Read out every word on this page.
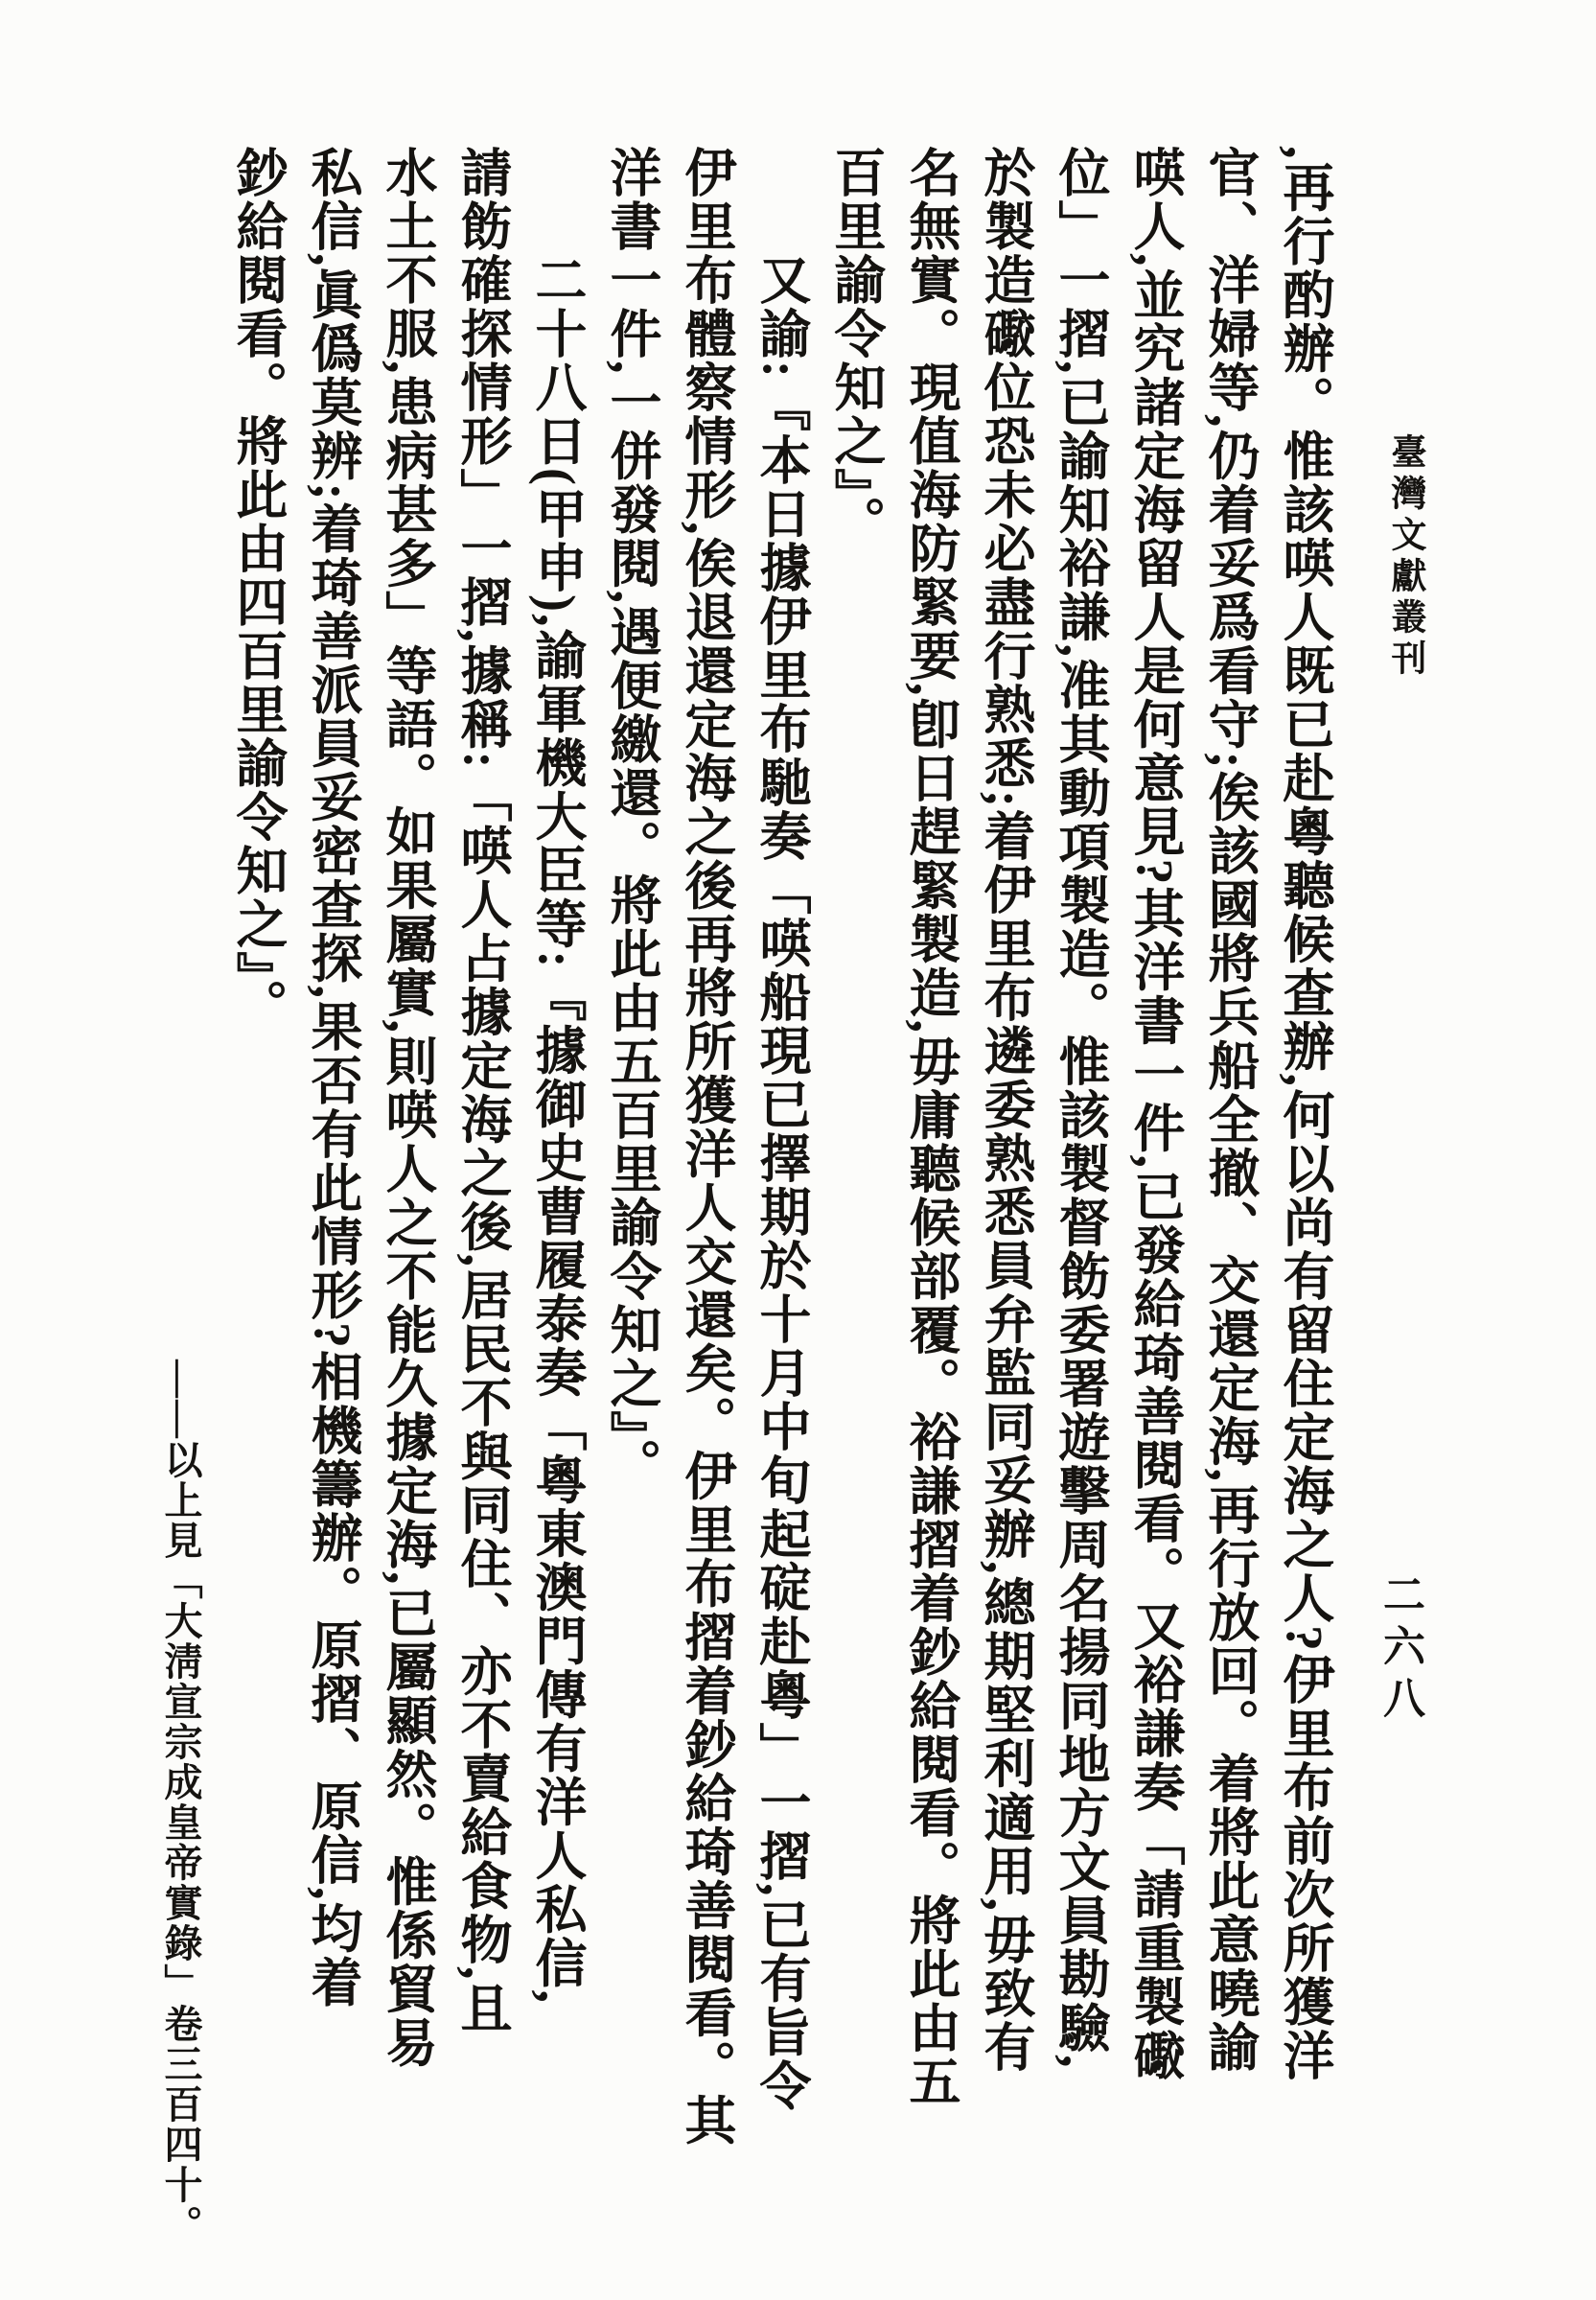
臺灣文獻叢刊
二六八
,再行酌辦。惟該𠸄人既已赴粵聽候查辦,何以尚有留住定海之人?伊里布前次所獲洋
官、洋婦等,仍着妥爲看守;俟該國將兵船全撤、交還定海,再行放回。着將此意曉諭
𠸄人,並究諸定海留人是何意見?其洋書一件,已發給琦善閱看。又裕謙奏「請重製礮
位」一摺,已諭知裕謙,准其動項製造。惟該製督飭委署遊擊周名揚同地方文員勘驗,
於製造礮位恐未必盡行熟悉;着伊里布遴委熟悉員弁監同妥辦,總期堅利適用,毋致有
名無實。現值海防緊要,卽日趕緊製造,毋庸聽候部覆。裕謙摺着鈔給閱看。將此由五
百里諭令知之』。
又諭:『本日據伊里布馳奏「𠸄船現已擇期於十月中旬起碇赴粵」一摺,已有旨令
伊里布體察情形,俟退還定海之後再將所獲洋人交還矣。伊里布摺着鈔給琦善閱看。其
洋書一件,一併發閱,遇便繳還。將此由五百里諭令知之』。
二十八日(甲申),諭軍機大臣等:『據御史曹履泰奏「粵東澳門傳有洋人私信,
請飭確探情形」一摺,據稱:「𠸄人占據定海之後,居民不與同住、亦不賣給食物,且
水土不服,患病甚多」等語。如果屬實,則𠸄人之不能久據定海,已屬顯然。惟係貿易
私信,眞僞莫辨;着琦善派員妥密查探,果否有此情形?相機籌辦。原摺、原信,均着
鈔給閱看。將此由四百里諭令知之』。
——以上見「大淸宣宗成皇帝實錄」卷三百四十。
